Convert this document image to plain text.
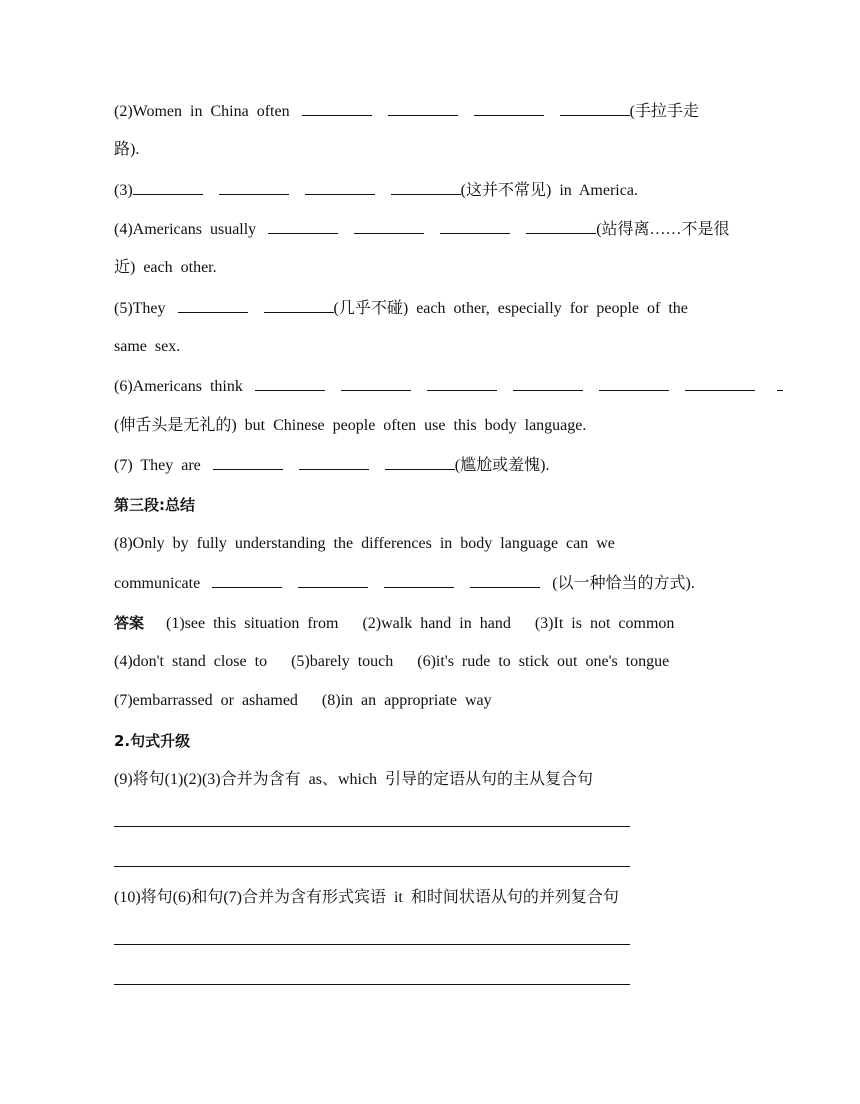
(2)Women in China often	(手拉手走
路).
(3)	(这并不常见) in America.
(4)Americans usually	(站得离……不是很
近) each other.
(5)They	(几乎不碰) each other, especially for people of the
same sex.
(6)Americans think
(伸舌头是无礼的) but Chinese people often use this body language.
(7) They are	(尴尬或羞愧).
第三段:总结
(8)Only by fully understanding the differences in body language can we
communicate	(以一种恰当的方式).
答案 (1)see this situation from (2)walk hand in hand (3)It is not common
(4)don't stand close to (5)barely touch (6)it's rude to stick out one's tongue
(7)embarrassed or ashamed (8)in an appropriate way
2.句式升级
(9)将句(1)(2)(3)合并为含有 as、which 引导的定语从句的主从复合句
(10)将句(6)和句(7)合并为含有形式宾语 it 和时间状语从句的并列复合句
